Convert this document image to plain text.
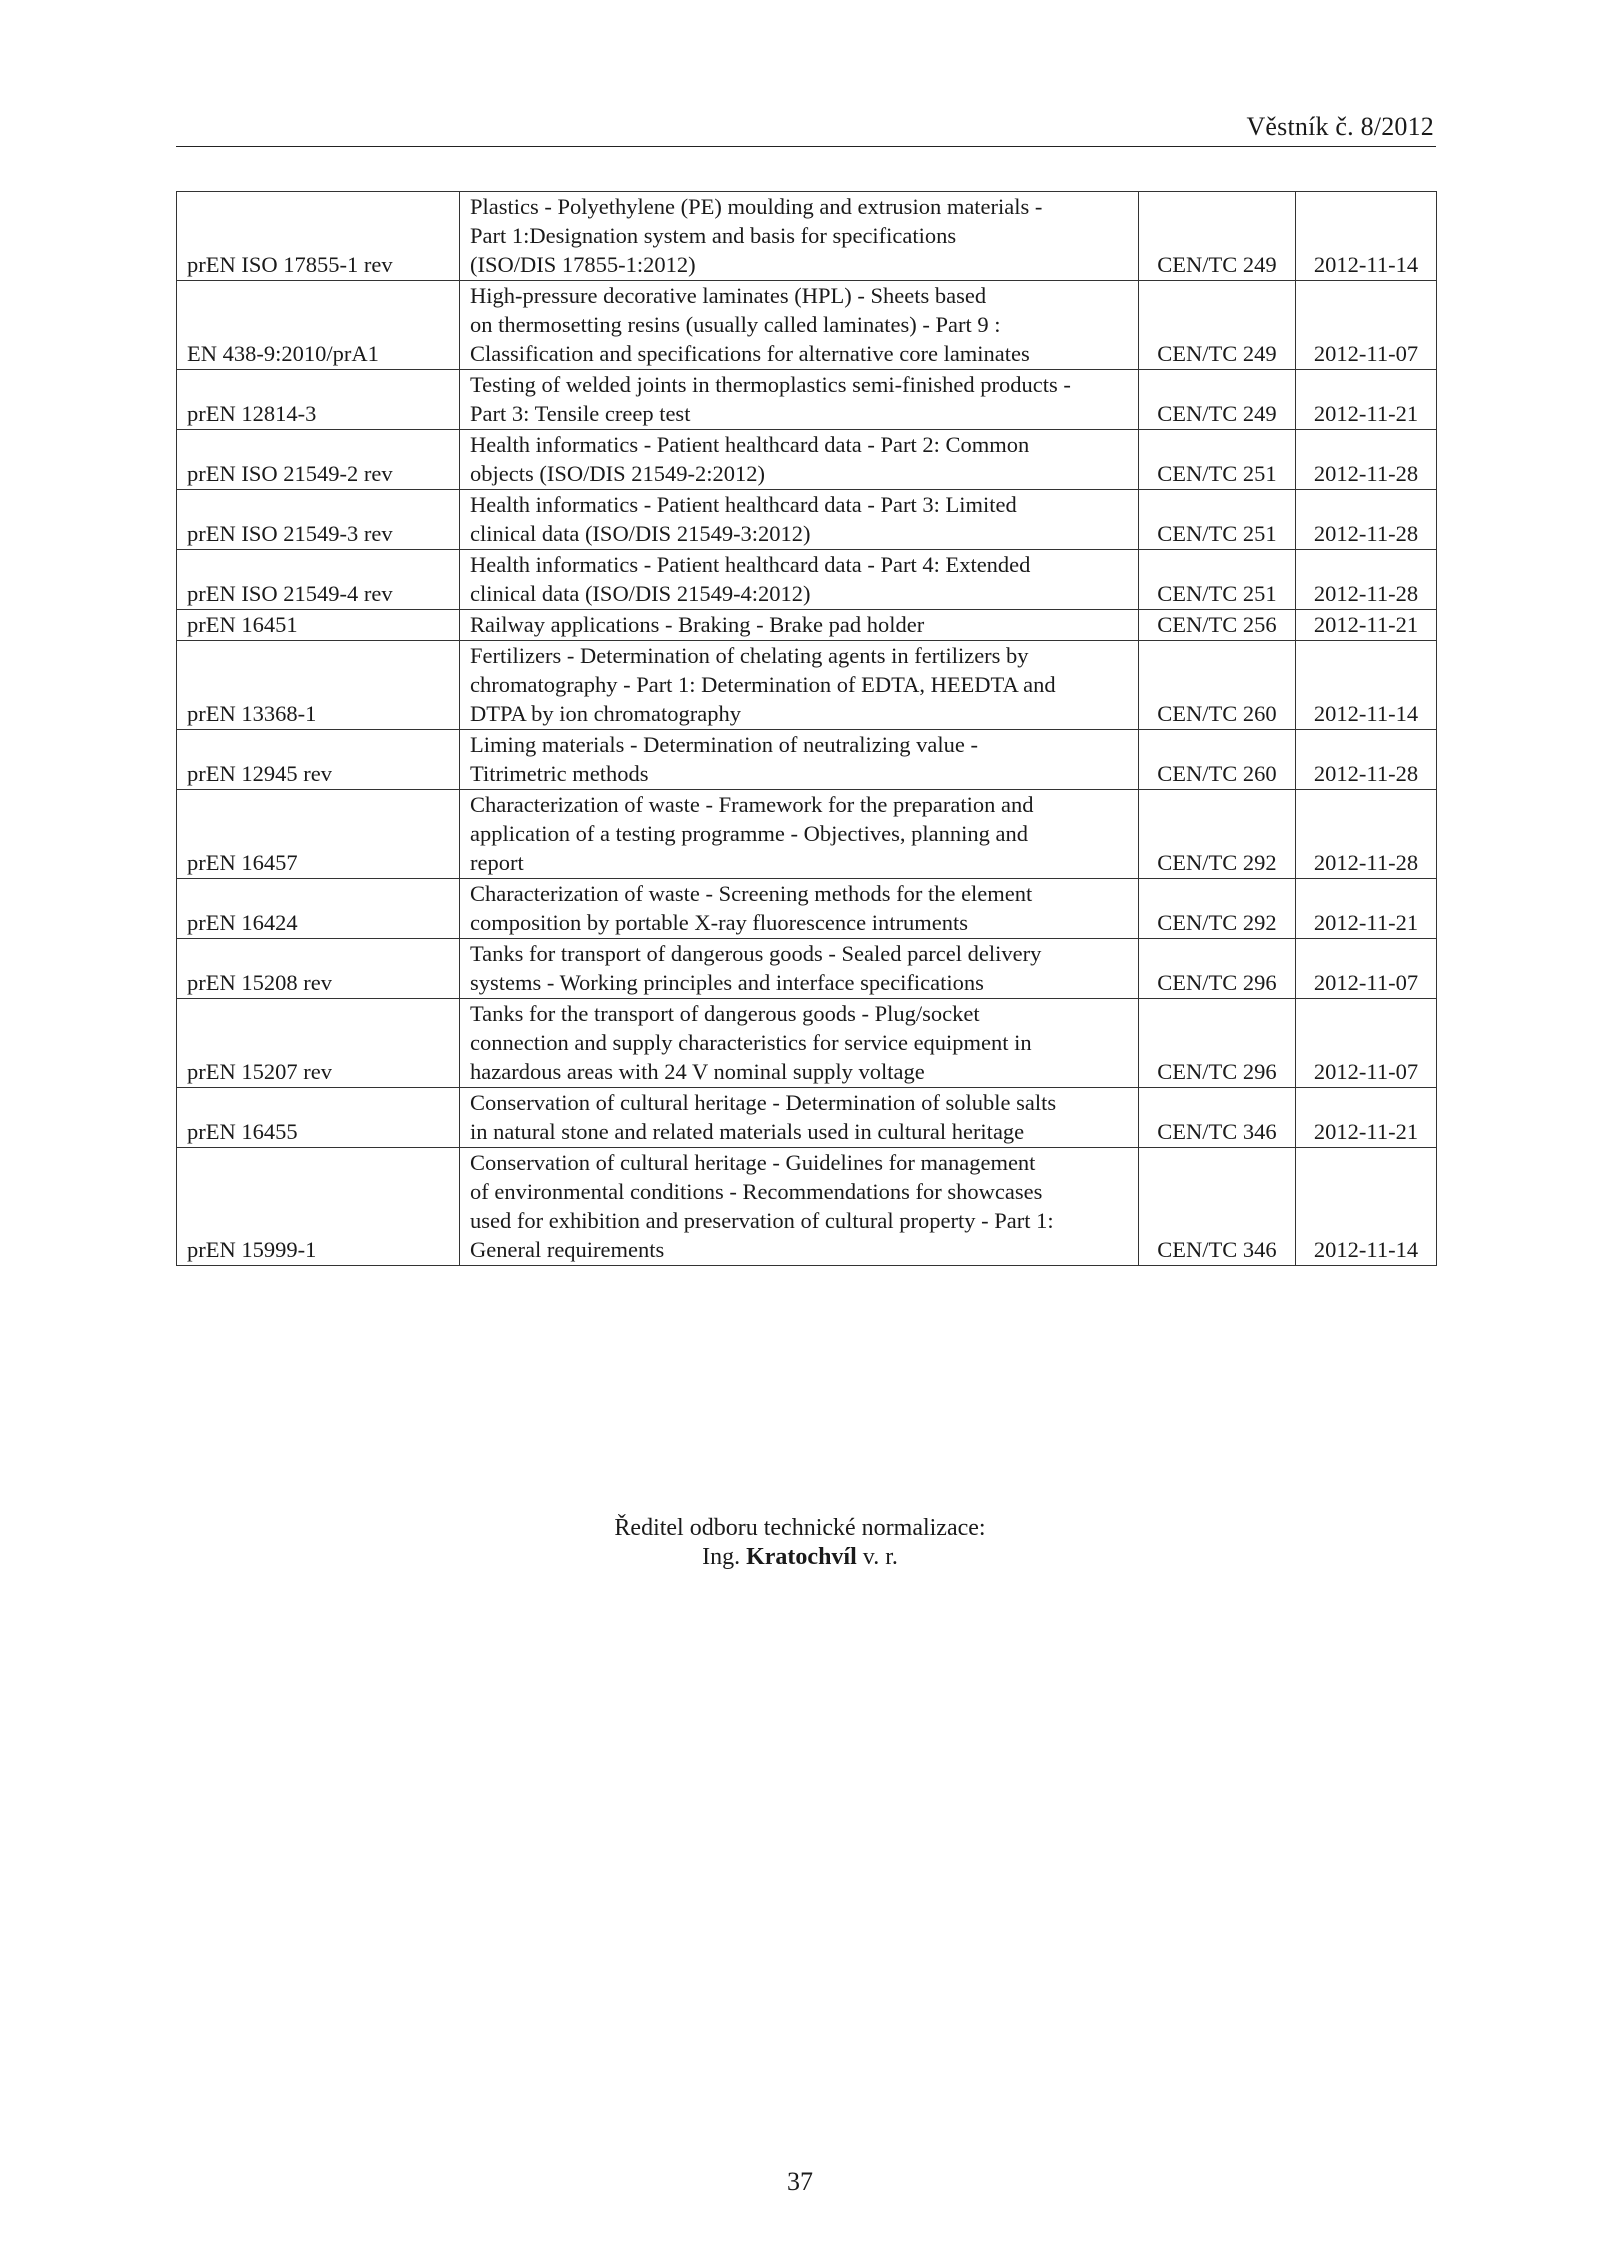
Věstník č. 8/2012
prEN ISO 17855-1 rev	Plastics - Polyethylene (PE) moulding and extrusion materials -
Part 1:Designation system and basis for specifications
(ISO/DIS 17855-1:2012)	CEN/TC 249	2012-11-14
EN 438-9:2010/prA1	High-pressure decorative laminates (HPL) - Sheets based
on thermosetting resins (usually called laminates) - Part 9 :
Classification and specifications for alternative core laminates	CEN/TC 249	2012-11-07
prEN 12814-3	Testing of welded joints in thermoplastics semi-finished products -
Part 3: Tensile creep test	CEN/TC 249	2012-11-21
prEN ISO 21549-2 rev	Health informatics - Patient healthcard data - Part 2: Common
objects (ISO/DIS 21549-2:2012)	CEN/TC 251	2012-11-28
prEN ISO 21549-3 rev	Health informatics - Patient healthcard data - Part 3: Limited
clinical data (ISO/DIS 21549-3:2012)	CEN/TC 251	2012-11-28
prEN ISO 21549-4 rev	Health informatics - Patient healthcard data - Part 4: Extended
clinical data (ISO/DIS 21549-4:2012)	CEN/TC 251	2012-11-28
prEN 16451	Railway applications - Braking - Brake pad holder	CEN/TC 256	2012-11-21
prEN 13368-1	Fertilizers - Determination of chelating agents in fertilizers by
chromatography - Part 1: Determination of EDTA, HEEDTA and
DTPA by ion chromatography	CEN/TC 260	2012-11-14
prEN 12945 rev	Liming materials - Determination of neutralizing value -
Titrimetric methods	CEN/TC 260	2012-11-28
prEN 16457	Characterization of waste - Framework for the preparation and
application of a testing programme - Objectives, planning and
report	CEN/TC 292	2012-11-28
prEN 16424	Characterization of waste - Screening methods for the element
composition by portable X-ray fluorescence intruments	CEN/TC 292	2012-11-21
prEN 15208 rev	Tanks for transport of dangerous goods - Sealed parcel delivery
systems - Working principles and interface specifications	CEN/TC 296	2012-11-07
prEN 15207 rev	Tanks for the transport of dangerous goods - Plug/socket
connection and supply characteristics for service equipment in
hazardous areas with 24 V nominal supply voltage	CEN/TC 296	2012-11-07
prEN 16455	Conservation of cultural heritage - Determination of soluble salts
in natural stone and related materials used in cultural heritage	CEN/TC 346	2012-11-21
prEN 15999-1	Conservation of cultural heritage - Guidelines for management
of environmental conditions - Recommendations for showcases
used for exhibition and preservation of cultural property - Part 1:
General requirements	CEN/TC 346	2012-11-14
Ředitel odboru technické normalizace:
Ing. Kratochvíl v. r.
37
